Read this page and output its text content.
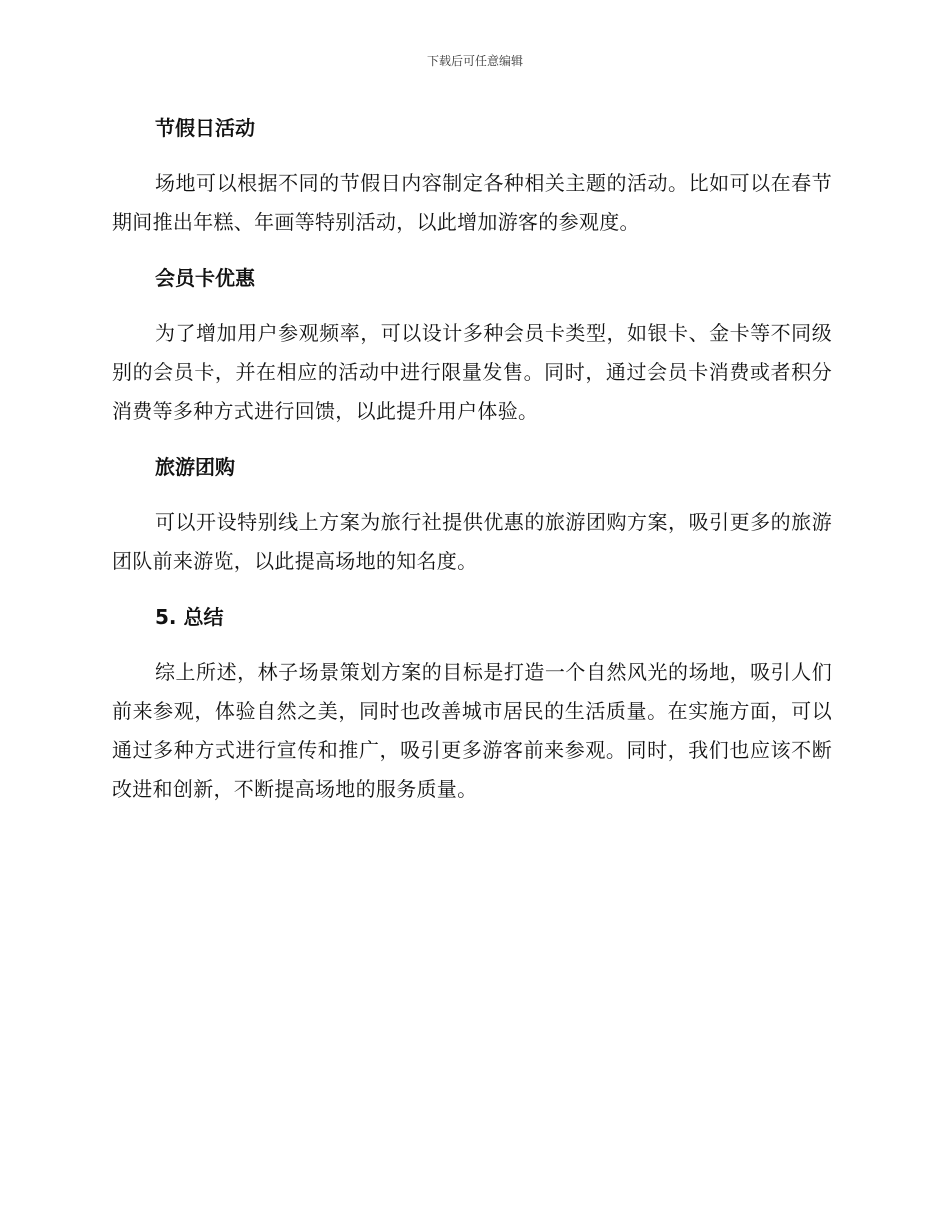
下载后可任意编辑
节假日活动

场地可以根据不同的节假日内容制定各种相关主题的活动。比如可以在春节期间推出年糕、年画等特别活动，以此增加游客的参观度。

会员卡优惠

为了增加用户参观频率，可以设计多种会员卡类型，如银卡、金卡等不同级别的会员卡，并在相应的活动中进行限量发售。同时，通过会员卡消费或者积分消费等多种方式进行回馈，以此提升用户体验。

旅游团购

可以开设特别线上方案为旅行社提供优惠的旅游团购方案，吸引更多的旅游团队前来游览，以此提高场地的知名度。

5. 总结

综上所述，林子场景策划方案的目标是打造一个自然风光的场地，吸引人们前来参观，体验自然之美，同时也改善城市居民的生活质量。在实施方面，可以通过多种方式进行宣传和推广，吸引更多游客前来参观。同时，我们也应该不断改进和创新，不断提高场地的服务质量。
